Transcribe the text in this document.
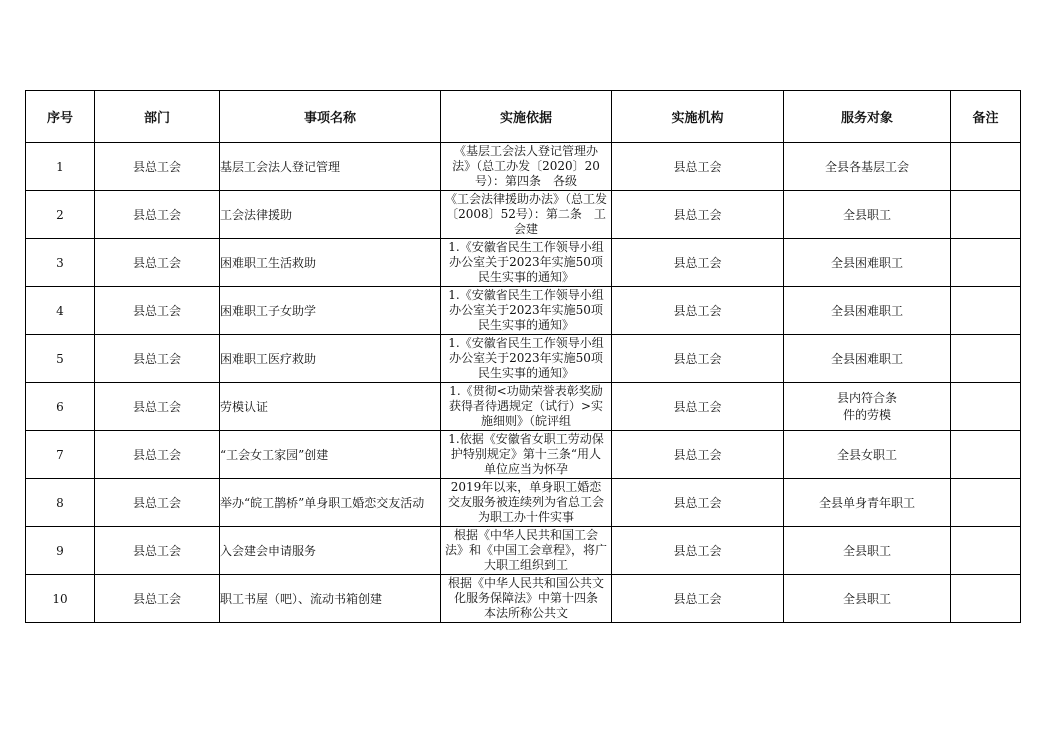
序号	部门	事项名称	实施依据	实施机构	服务对象	备注
1	县总工会	基层工会法人登记管理	《基层工会法人登记管理办法》（总工办发〔2020〕20号）：第四条　各级	县总工会	全县各基层工会	
2	县总工会	工会法律援助	《工会法律援助办法》（总工发〔2008〕52号）：第二条　工会建	县总工会	全县职工	
3	县总工会	困难职工生活救助	1.《安徽省民生工作领导小组办公室关于2023年实施50项民生实事的通知》	县总工会	全县困难职工	
4	县总工会	困难职工子女助学	1.《安徽省民生工作领导小组办公室关于2023年实施50项民生实事的通知》	县总工会	全县困难职工	
5	县总工会	困难职工医疗救助	1.《安徽省民生工作领导小组办公室关于2023年实施50项民生实事的通知》	县总工会	全县困难职工	
6	县总工会	劳模认证	1.《贯彻<功勋荣誉表彰奖励获得者待遇规定（试行）>实施细则》（皖评组	县总工会	县内符合条件的劳模	

7	县总工会	“工会女工家园”创建	1.依据《安徽省女职工劳动保护特别规定》第十三条“用人单位应当为怀孕	县总工会	全县女职工	
8	县总工会	举办“皖工鹊桥”单身职工婚恋交友活动	2019年以来，单身职工婚恋交友服务被连续列为省总工会为职工办十件实事	县总工会	全县单身青年职工	
9	县总工会	入会建会申请服务	根据《中华人民共和国工会法》和《中国工会章程》，将广大职工组织到工	县总工会	全县职工	
10	县总工会	职工书屋（吧）、流动书箱创建	根据《中华人民共和国公共文化服务保障法》中第十四条　本法所称公共文	县总工会	全县职工	
